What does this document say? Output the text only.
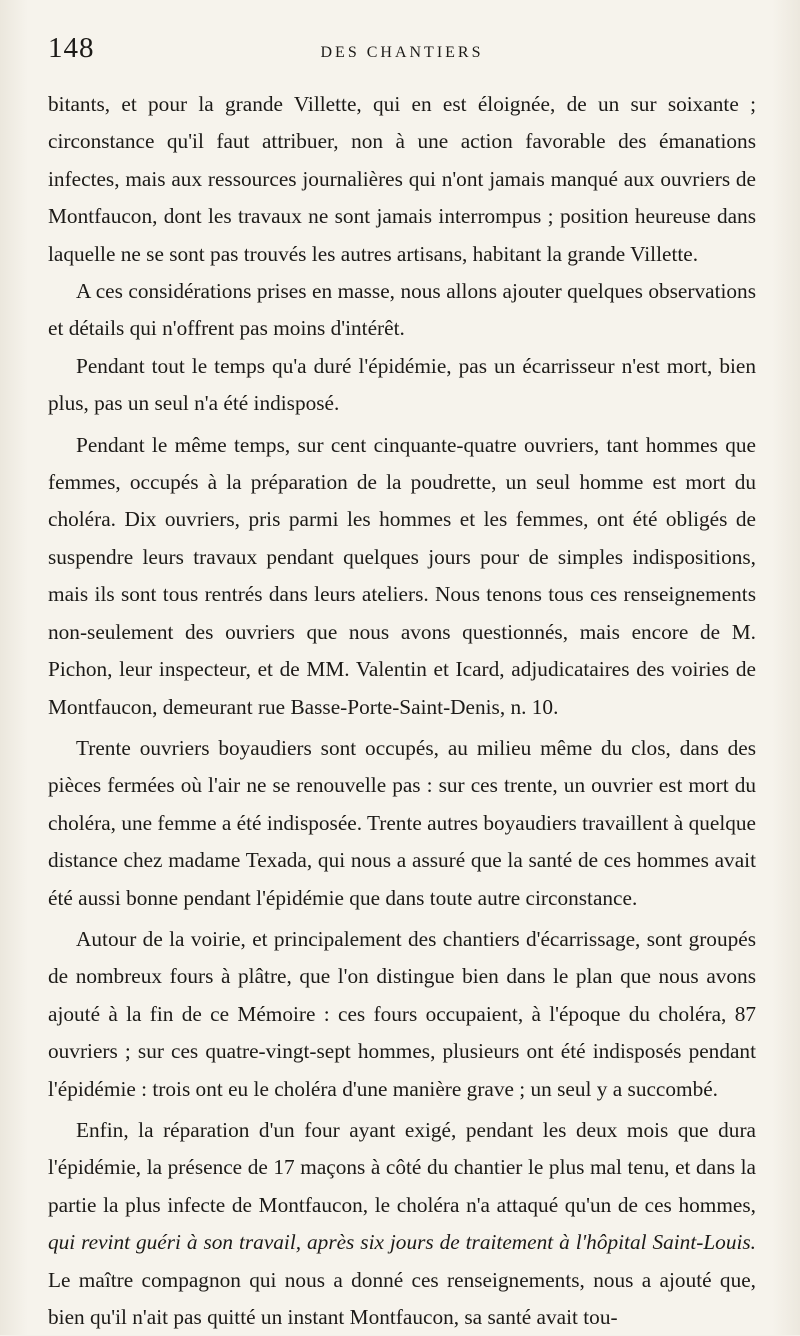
148	DES CHANTIERS

bitants, et pour la grande Villette, qui en est éloignée, de un sur soixante ; circonstance qu'il faut attribuer, non à une action favorable des émanations infectes, mais aux ressources journalières qui n'ont jamais manqué aux ouvriers de Montfaucon, dont les travaux ne sont jamais interrompus ; position heureuse dans laquelle ne se sont pas trouvés les autres artisans, habitant la grande Villette.

A ces considérations prises en masse, nous allons ajouter quelques observations et détails qui n'offrent pas moins d'intérêt.

Pendant tout le temps qu'a duré l'épidémie, pas un écarrisseur n'est mort, bien plus, pas un seul n'a été indisposé.

Pendant le même temps, sur cent cinquante-quatre ouvriers, tant hommes que femmes, occupés à la préparation de la poudrette, un seul homme est mort du choléra. Dix ouvriers, pris parmi les hommes et les femmes, ont été obligés de suspendre leurs travaux pendant quelques jours pour de simples indispositions, mais ils sont tous rentrés dans leurs ateliers. Nous tenons tous ces renseignements non-seulement des ouvriers que nous avons questionnés, mais encore de M. Pichon, leur inspecteur, et de MM. Valentin et Icard, adjudicataires des voiries de Montfaucon, demeurant rue Basse-Porte-Saint-Denis, n. 10.

Trente ouvriers boyaudiers sont occupés, au milieu même du clos, dans des pièces fermées où l'air ne se renouvelle pas : sur ces trente, un ouvrier est mort du choléra, une femme a été indisposée. Trente autres boyaudiers travaillent à quelque distance chez madame Texada, qui nous a assuré que la santé de ces hommes avait été aussi bonne pendant l'épidémie que dans toute autre circonstance.

Autour de la voirie, et principalement des chantiers d'écarrissage, sont groupés de nombreux fours à plâtre, que l'on distingue bien dans le plan que nous avons ajouté à la fin de ce Mémoire : ces fours occupaient, à l'époque du choléra, 87 ouvriers ; sur ces quatre-vingt-sept hommes, plusieurs ont été indisposés pendant l'épidémie : trois ont eu le choléra d'une manière grave ; un seul y a succombé.

Enfin, la réparation d'un four ayant exigé, pendant les deux mois que dura l'épidémie, la présence de 17 maçons à côté du chantier le plus mal tenu, et dans la partie la plus infecte de Montfaucon, le choléra n'a attaqué qu'un de ces hommes, qui revint guéri à son travail, après six jours de traitement à l'hôpital Saint-Louis. Le maître compagnon qui nous a donné ces renseignements, nous a ajouté que, bien qu'il n'ait pas quitté un instant Montfaucon, sa santé avait tou-
